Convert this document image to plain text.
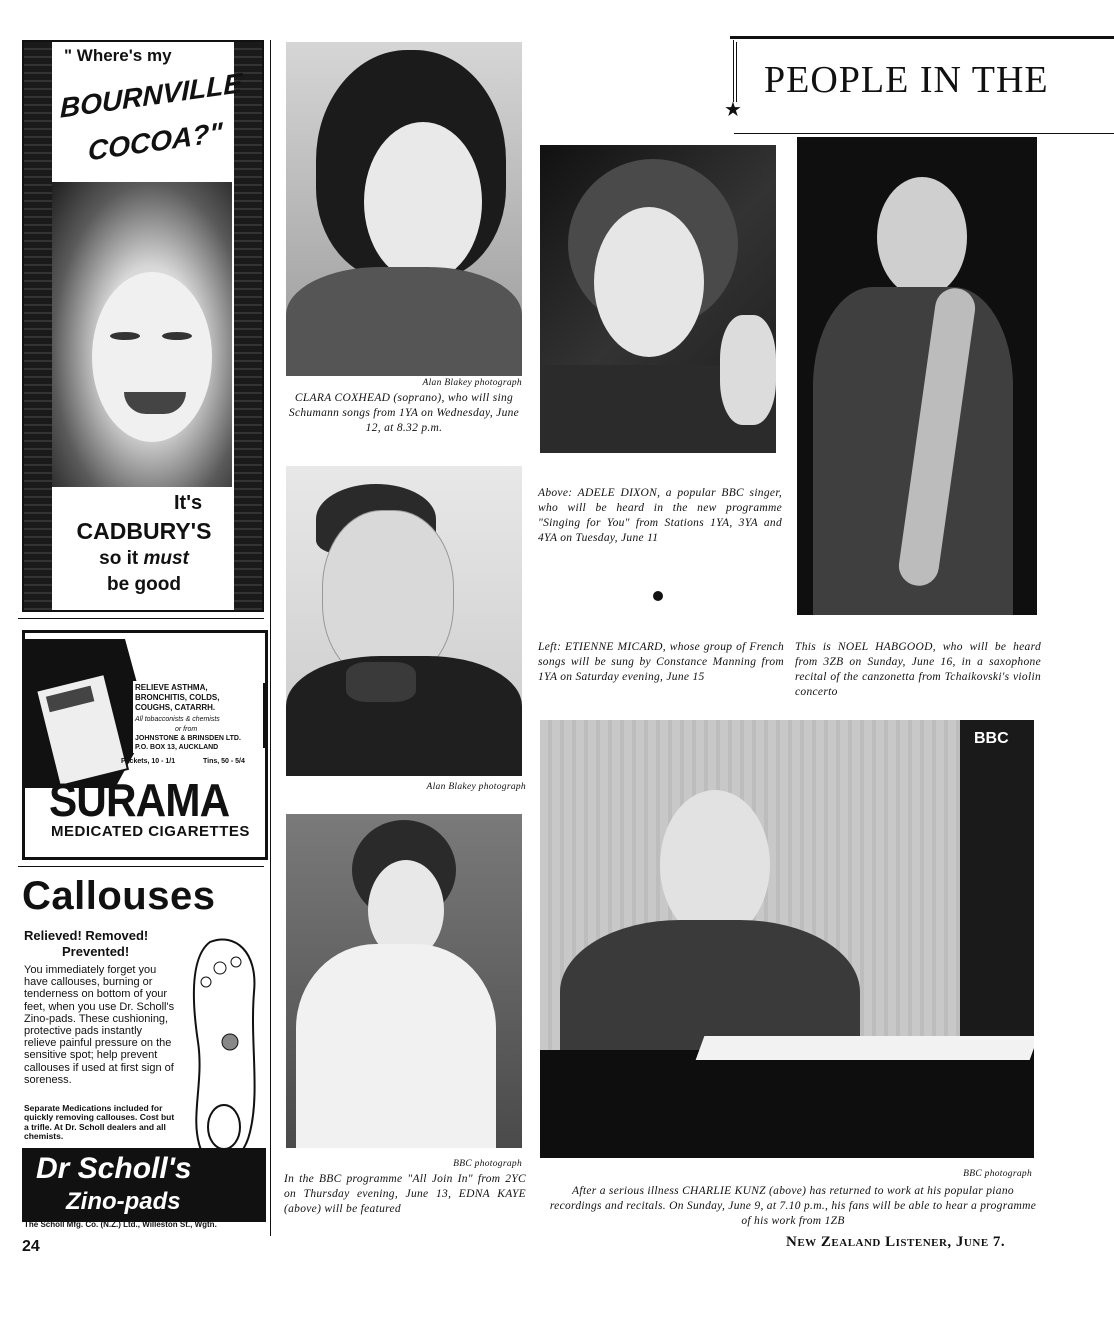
" Where's my
BOURNVILLE
COCOA?"
It's
CADBURY'S
so it must
be good
RELIEVE ASTHMA,
BRONCHITIS, COLDS,
COUGHS, CATARRH.
All tobacconists & chemists
or from
JOHNSTONE & BRINSDEN LTD.
P.O. BOX 13, AUCKLAND
Packets, 10 - 1/1	Tins, 50 - 5/4
SURAMA
MEDICATED CIGARETTES
Callouses
Relieved! Removed!
Prevented!
You immediately forget you have callouses, burning or tenderness on bottom of your feet, when you use Dr. Scholl's Zino-pads. These cushioning, protective pads instantly relieve painful pressure on the sensitive spot; help prevent callouses if used at first sign of soreness.
Separate Medications included for quickly removing callouses. Cost but a trifle. At Dr. Scholl dealers and all chemists.
Dr Scholl's
Zino-pads
The Scholl Mfg. Co. (N.Z.) Ltd., Willeston St., Wgtn.
★
PEOPLE IN THE
Alan Blakey photograph
CLARA COXHEAD (soprano), who will sing Schumann songs from 1YA on Wednesday, June 12, at 8.32 p.m.
Above: ADELE DIXON, a popular BBC singer, who will be heard in the new programme "Singing for You" from Stations 1YA, 3YA and 4YA on Tuesday, June 11
This is NOEL HABGOOD, who will be heard from 3ZB on Sunday, June 16, in a saxophone recital of the canzonetta from Tchaikovski's violin concerto
Alan Blakey photograph
Left: ETIENNE MICARD, whose group of French songs will be sung by Constance Manning from 1YA on Saturday evening, June 15
BBC photograph
In the BBC programme "All Join In" from 2YC on Thursday evening, June 13, EDNA KAYE (above) will be featured
BBC
BBC photograph
After a serious illness CHARLIE KUNZ (above) has returned to work at his popular piano recordings and recitals. On Sunday, June 9, at 7.10 p.m., his fans will be able to hear a programme of his work from 1ZB
24	New Zealand Listener, June 7.
